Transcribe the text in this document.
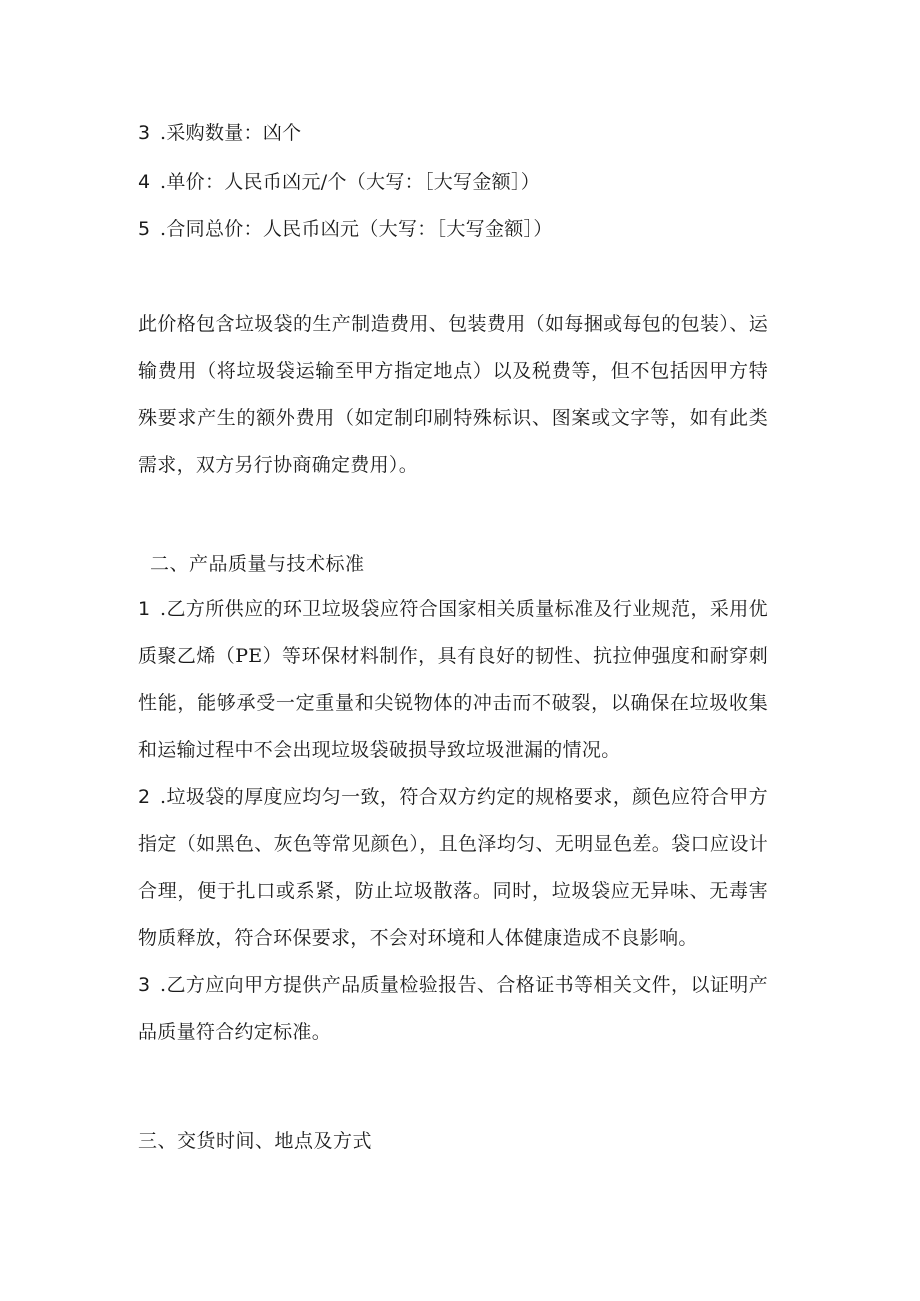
3 .采购数量：凶个
4 .单价：人民币凶元/个（大写：［大写金额］）
5 .合同总价：人民币凶元（大写：［大写金额］）

此价格包含垃圾袋的生产制造费用、包装费用（如每捆或每包的包装）、运输费用（将垃圾袋运输至甲方指定地点）以及税费等，但不包括因甲方特殊要求产生的额外费用（如定制印刷特殊标识、图案或文字等，如有此类需求，双方另行协商确定费用）。

二、产品质量与技术标准

1 .乙方所供应的环卫垃圾袋应符合国家相关质量标准及行业规范，采用优质聚乙烯（PE）等环保材料制作，具有良好的韧性、抗拉伸强度和耐穿刺性能，能够承受一定重量和尖锐物体的冲击而不破裂，以确保在垃圾收集和运输过程中不会出现垃圾袋破损导致垃圾泄漏的情况。

2 .垃圾袋的厚度应均匀一致，符合双方约定的规格要求，颜色应符合甲方指定（如黑色、灰色等常见颜色），且色泽均匀、无明显色差。袋口应设计合理，便于扎口或系紧，防止垃圾散落。同时，垃圾袋应无异味、无毒害物质释放，符合环保要求，不会对环境和人体健康造成不良影响。

3 .乙方应向甲方提供产品质量检验报告、合格证书等相关文件，以证明产品质量符合约定标准。

三、交货时间、地点及方式
